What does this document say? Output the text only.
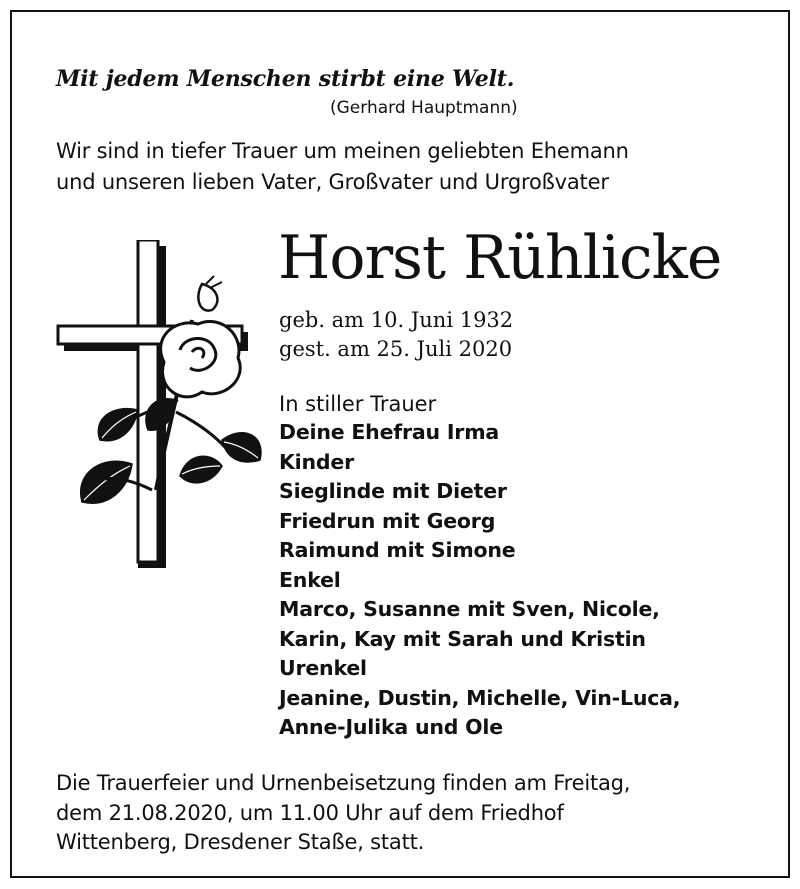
Mit jedem Menschen stirbt eine Welt.
(Gerhard Hauptmann)
Wir sind in tiefer Trauer um meinen geliebten Ehemann
und unseren lieben Vater, Großvater und Urgroßvater
Horst Rühlicke
geb. am 10. Juni 1932
gest. am 25. Juli 2020
In stiller Trauer
Deine Ehefrau Irma
Kinder
Sieglinde mit Dieter
Friedrun mit Georg
Raimund mit Simone
Enkel
Marco, Susanne mit Sven, Nicole,
Karin, Kay mit Sarah und Kristin
Urenkel
Jeanine, Dustin, Michelle, Vin-Luca,
Anne-Julika und Ole
Die Trauerfeier und Urnenbeisetzung finden am Freitag,
dem 21.08.2020, um 11.00 Uhr auf dem Friedhof
Wittenberg, Dresdener Staße, statt.
